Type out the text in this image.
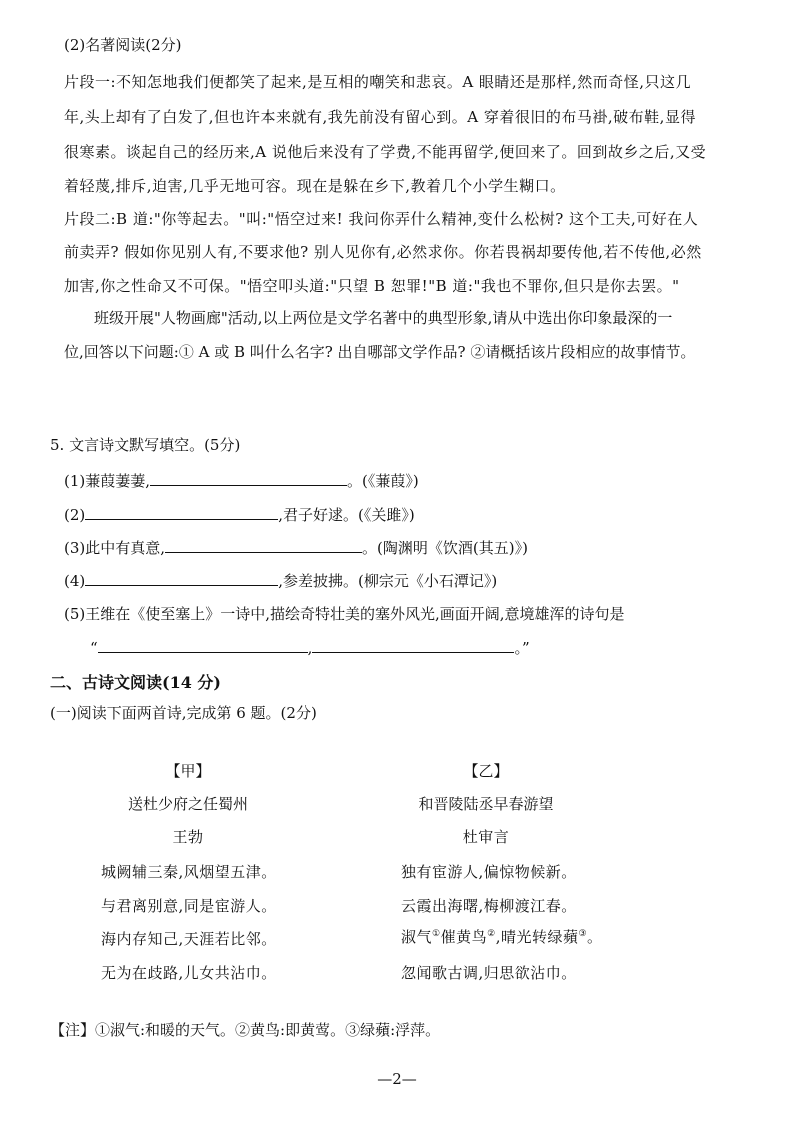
(2)名著阅读(2分)
片段一:不知怎地我们便都笑了起来,是互相的嘲笑和悲哀。A 眼睛还是那样,然而奇怪,只这几
年,头上却有了白发了,但也许本来就有,我先前没有留心到。A 穿着很旧的布马褂,破布鞋,显得
很寒素。谈起自己的经历来,A 说他后来没有了学费,不能再留学,便回来了。回到故乡之后,又受
着轻蔑,排斥,迫害,几乎无地可容。现在是躲在乡下,教着几个小学生糊口。
片段二:B 道:"你等起去。"叫:"悟空过来! 我问你弄什么精神,变什么松树? 这个工夫,可好在人
前卖弄? 假如你见别人有,不要求他? 别人见你有,必然求你。你若畏祸却要传他,若不传他,必然
加害,你之性命又不可保。"悟空叩头道:"只望 B 恕罪!"B 道:"我也不罪你,但只是你去罢。"
班级开展"人物画廊"活动,以上两位是文学名著中的典型形象,请从中选出你印象最深的一
位,回答以下问题:① A 或 B 叫什么名字? 出自哪部文学作品? ②请概括该片段相应的故事情节。
5. 文言诗文默写填空。(5分)
(1)蒹葭萋萋,	。(《蒹葭》)
(2)	,君子好逑。(《关雎》)
(3)此中有真意,	。(陶渊明《饮酒(其五)》)
(4)	,参差披拂。(柳宗元《小石潭记》)
(5)王维在《使至塞上》一诗中,描绘奇特壮美的塞外风光,画面开阔,意境雄浑的诗句是
“	,	。”
二、古诗文阅读(14 分)
(一)阅读下面两首诗,完成第 6 题。(2分)
【甲】
送杜少府之任蜀州
王勃
城阙辅三秦,风烟望五津。
与君离别意,同是宦游人。
海内存知己,天涯若比邻。
无为在歧路,儿女共沾巾。
【乙】
和晋陵陆丞早春游望
杜审言
独有宦游人,偏惊物候新。
云霞出海曙,梅柳渡江春。
淑气①催黄鸟②,晴光转绿蘋③。
忽闻歌古调,归思欲沾巾。
【注】①淑气:和暖的天气。②黄鸟:即黄莺。③绿蘋:浮萍。
—2—
